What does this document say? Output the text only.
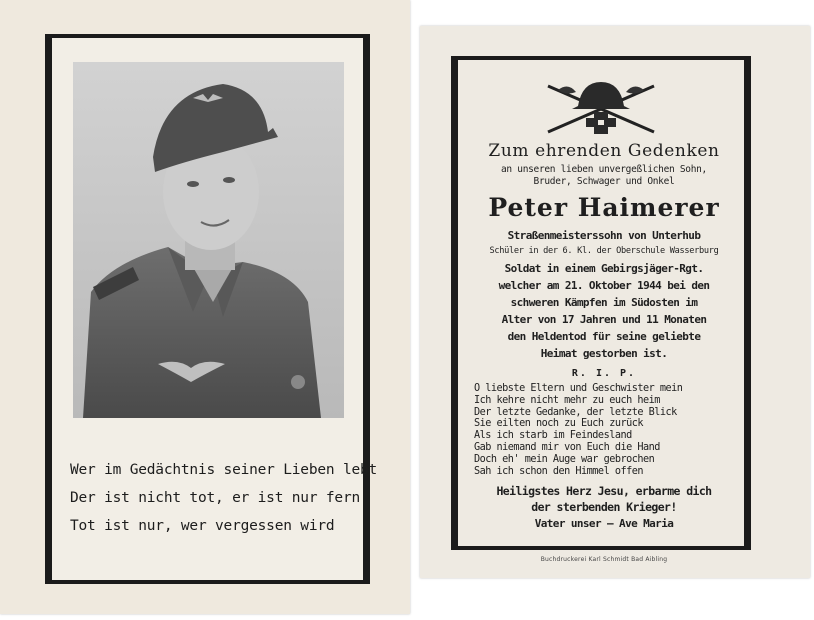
Wer im Gedächtnis seiner Lieben lebt
Der ist nicht tot, er ist nur fern
Tot ist nur, wer vergessen wird
Zum ehrenden Gedenken
an unseren lieben unvergeßlichen Sohn,
Bruder, Schwager und Onkel
Peter Haimerer
Straßenmeisterssohn von Unterhub
Schüler in der 6. Kl. der Oberschule Wasserburg
Soldat in einem Gebirgsjäger-Rgt.
welcher am 21. Oktober 1944 bei den
schweren Kämpfen im Südosten im
Alter von 17 Jahren und 11 Monaten
den Heldentod für seine geliebte
Heimat gestorben ist.
R. I. P.
O liebste Eltern und Geschwister mein
Ich kehre nicht mehr zu euch heim
Der letzte Gedanke, der letzte Blick
Sie eilten noch zu Euch zurück
Als ich starb im Feindesland
Gab niemand mir von Euch die Hand
Doch eh' mein Auge war gebrochen
Sah ich schon den Himmel offen
Heiligstes Herz Jesu, erbarme dich
der sterbenden Krieger!
Vater unser — Ave Maria
Buchdruckerei Karl Schmidt Bad Aibling
